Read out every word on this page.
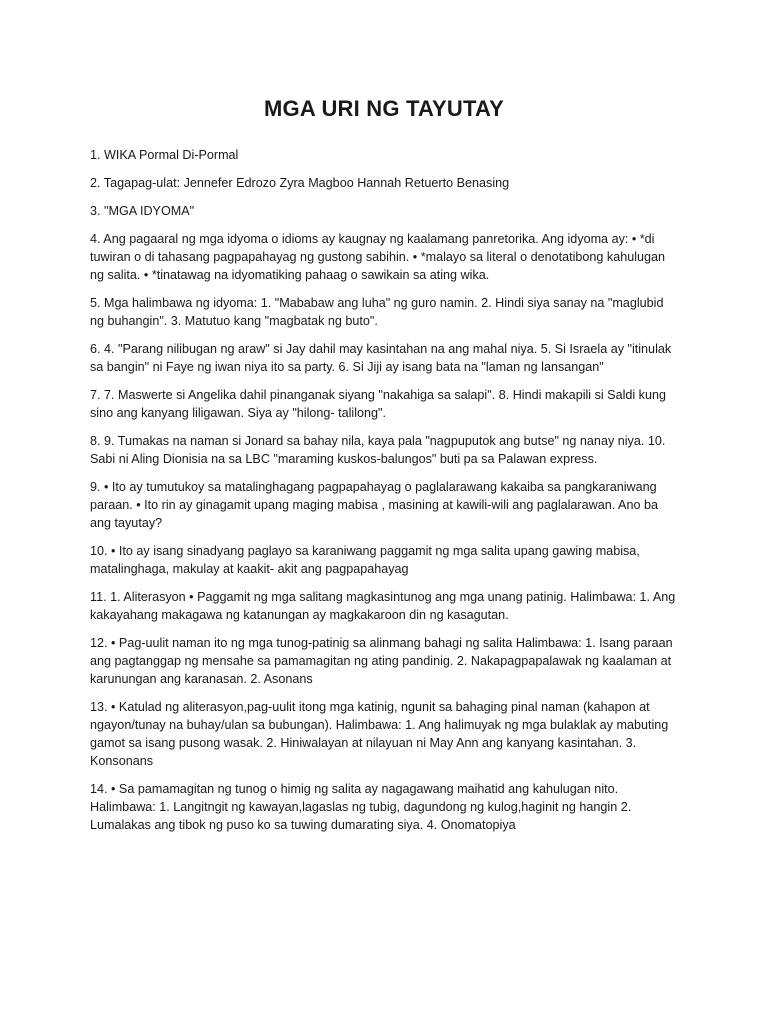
MGA URI NG TAYUTAY

1. WIKA Pormal Di-Pormal

2. Tagapag-ulat: Jennefer Edrozo Zyra Magboo Hannah Retuerto Benasing

3. "MGA IDYOMA"

4. Ang pagaaral ng mga idyoma o idioms ay kaugnay ng kaalamang panretorika. Ang idyoma ay: • *di tuwiran o di tahasang pagpapahayag ng gustong sabihin. • *malayo sa literal o denotatibong kahulugan ng salita. • *tinatawag na idyomatiking pahaag o sawikain sa ating wika.

5. Mga halimbawa ng idyoma: 1. "Mababaw ang luha" ng guro namin. 2. Hindi siya sanay na "maglubid ng buhangin". 3. Matutuo kang "magbatak ng buto".

6. 4. "Parang nilibugan ng araw" si Jay dahil may kasintahan na ang mahal niya. 5. Si Israela ay "itinulak sa bangin" ni Faye ng iwan niya ito sa party. 6. Si Jiji ay isang bata na "laman ng lansangan"

7. 7. Maswerte si Angelika dahil pinanganak siyang "nakahiga sa salapi". 8. Hindi makapili si Saldi kung sino ang kanyang liligawan. Siya ay "hilong- talilong".

8. 9. Tumakas na naman si Jonard sa bahay nila, kaya pala "nagpuputok ang butse" ng nanay niya. 10. Sabi ni Aling Dionisia na sa LBC "maraming kuskos-balungos" buti pa sa Palawan express.

9. • Ito ay tumutukoy sa matalinghagang pagpapahayag o paglalarawang kakaiba sa pangkaraniwang paraan. • Ito rin ay ginagamit upang maging mabisa , masining at kawili-wili ang paglalarawan. Ano ba ang tayutay?

10. • Ito ay isang sinadyang paglayo sa karaniwang paggamit ng mga salita upang gawing mabisa, matalinghaga, makulay at kaakit- akit ang pagpapahayag

11. 1. Aliterasyon • Paggamit ng mga salitang magkasintunog ang mga unang patinig. Halimbawa: 1. Ang kakayahang makagawa ng katanungan ay magkakaroon din ng kasagutan.

12. • Pag-uulit naman ito ng mga tunog-patinig sa alinmang bahagi ng salita Halimbawa: 1. Isang paraan ang pagtanggap ng mensahe sa pamamagitan ng ating pandinig. 2. Nakapagpapalawak ng kaalaman at karunungan ang karanasan. 2. Asonans

13. • Katulad ng aliterasyon,pag-uulit itong mga katinig, ngunit sa bahaging pinal naman (kahapon at ngayon/tunay na buhay/ulan sa bubungan). Halimbawa: 1. Ang halimuyak ng mga bulaklak ay mabuting gamot sa isang pusong wasak. 2. Hiniwalayan at nilayuan ni May Ann ang kanyang kasintahan. 3. Konsonans

14. • Sa pamamagitan ng tunog o himig ng salita ay nagagawang maihatid ang kahulugan nito. Halimbawa: 1. Langitngit ng kawayan,lagaslas ng tubig, dagundong ng kulog,haginit ng hangin 2. Lumalakas ang tibok ng puso ko sa tuwing dumarating siya. 4. Onomatopiya
